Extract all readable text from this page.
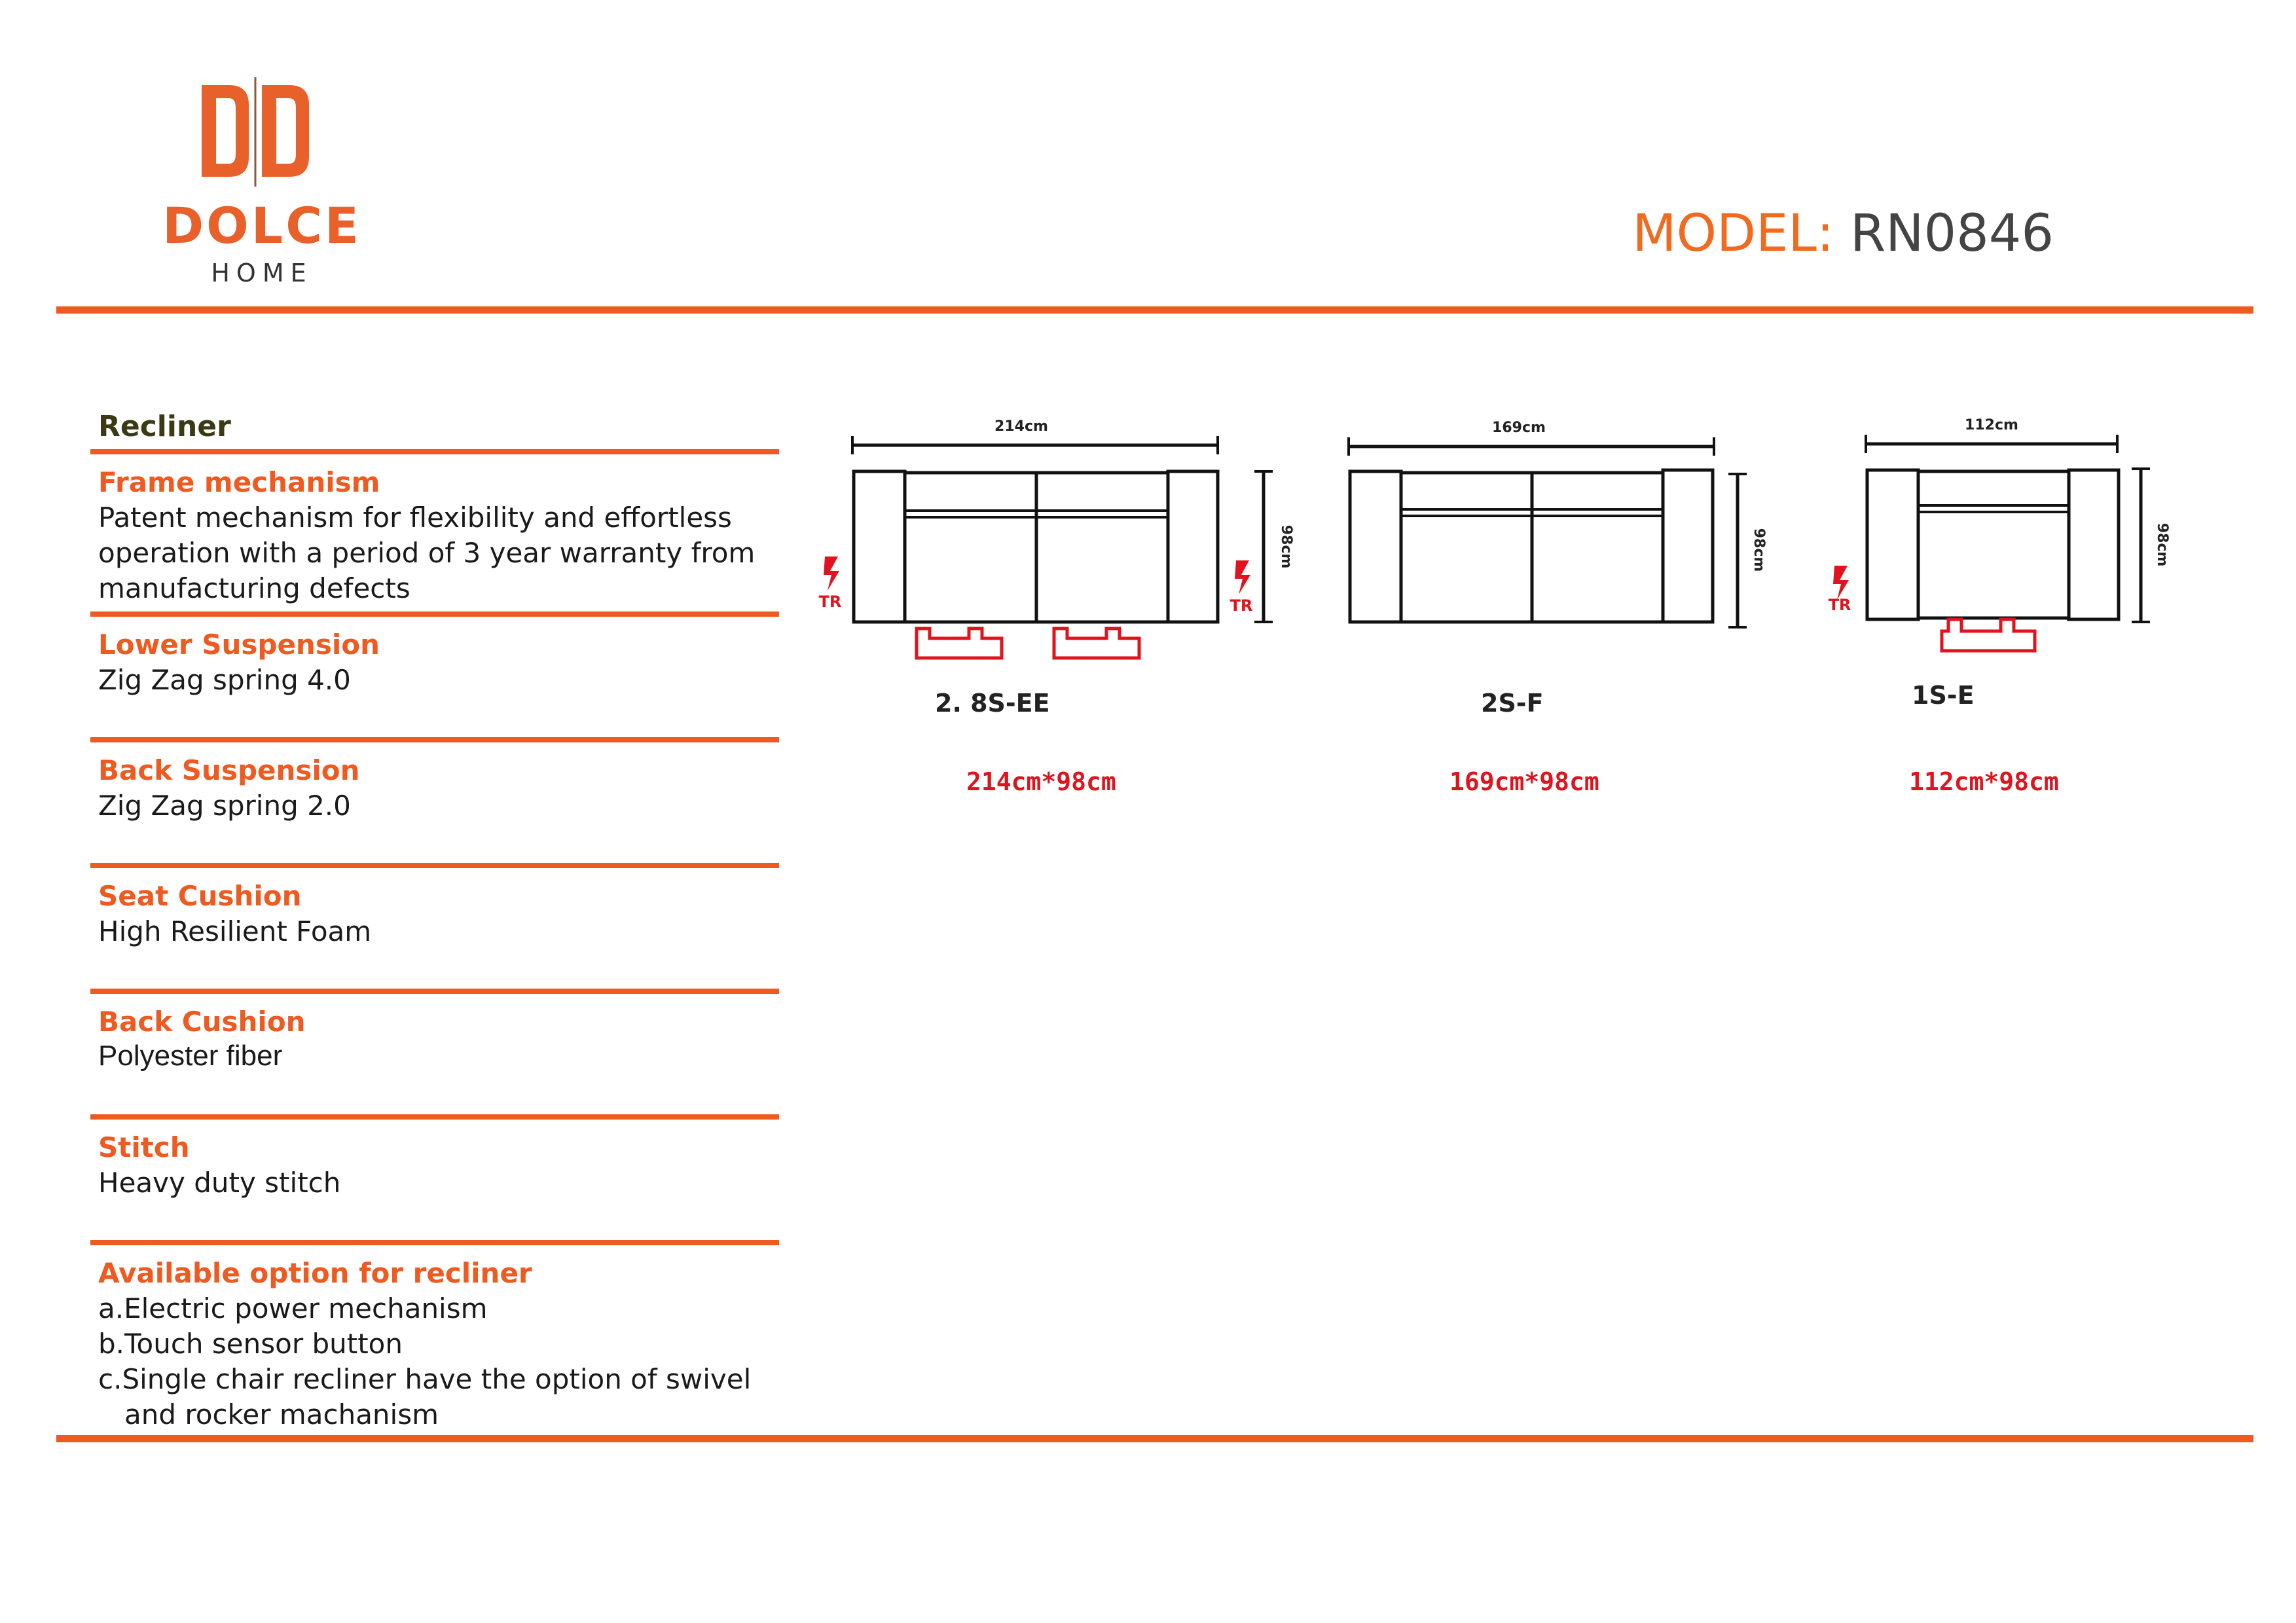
DOLCE
HOME
MODEL: RN0846
Recliner
Frame mechanism
Patent mechanism for flexibility and effortless
operation with a period of 3 year warranty from
manufacturing defects
Lower Suspension
Zig Zag spring 4.0
Back Suspension
Zig Zag spring 2.0
Seat Cushion
High Resilient Foam
Back Cushion
Polyester fiber
Stitch
Heavy duty stitch
Available option for recliner
a.Electric power mechanism
b.Touch sensor button
c.Single chair recliner have the option of swivel
and rocker machanism
214cm
98cm
TR	TR
2. 8S-EE
214cm*98cm
169cm
98cm
2S-F
169cm*98cm
112cm
98cm
TR
1S-E
112cm*98cm
